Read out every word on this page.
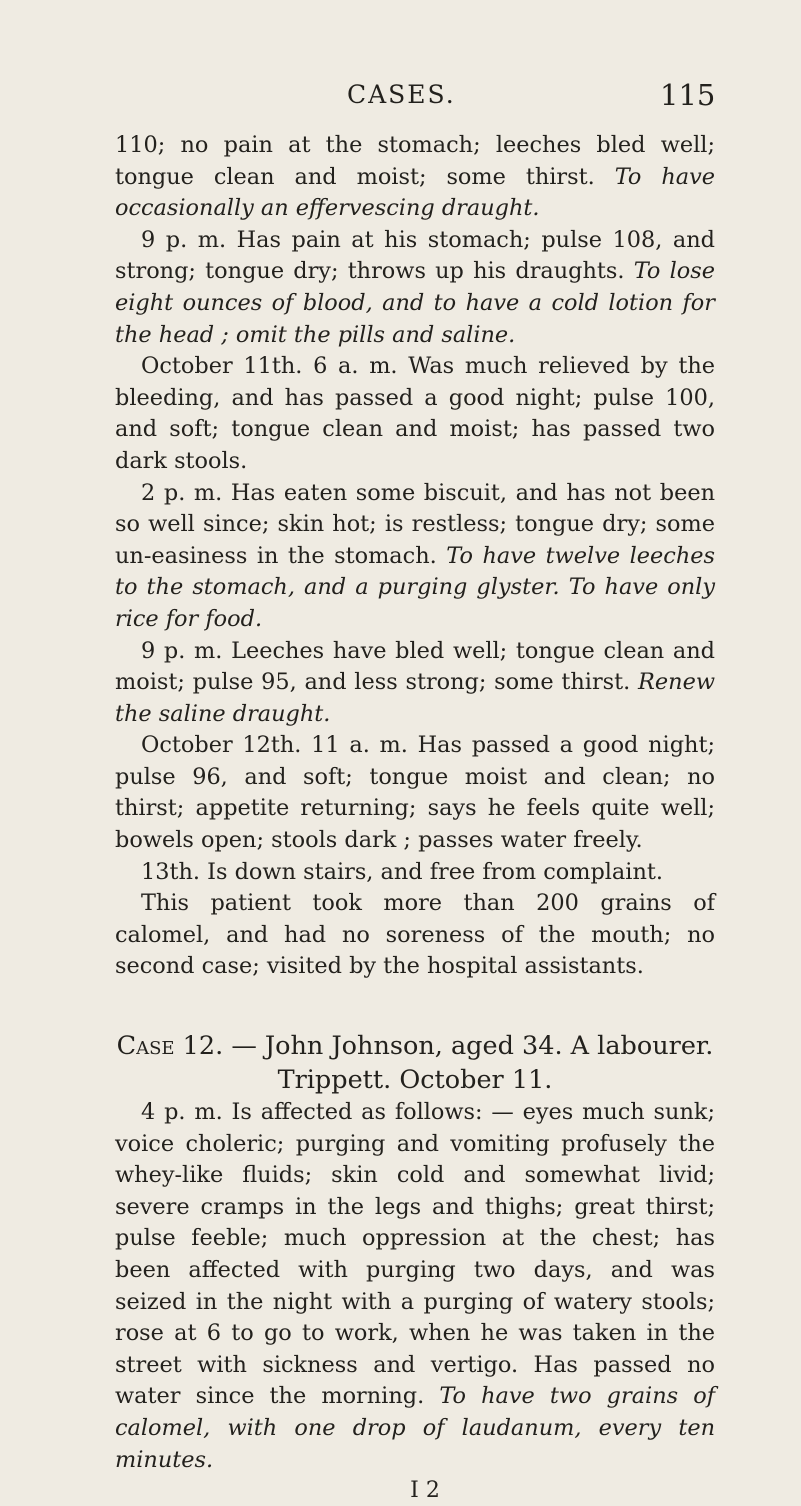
CASES.	115

110; no pain at the stomach; leeches bled well; tongue clean and moist; some thirst. To have occasionally an effervescing draught.

9 p. m. Has pain at his stomach; pulse 108, and strong; tongue dry; throws up his draughts. To lose eight ounces of blood, and to have a cold lotion for the head ; omit the pills and saline.

October 11th. 6 a. m. Was much relieved by the bleeding, and has passed a good night; pulse 100, and soft; tongue clean and moist; has passed two dark stools.

2 p. m. Has eaten some biscuit, and has not been so well since; skin hot; is restless; tongue dry; some un-easiness in the stomach. To have twelve leeches to the stomach, and a purging glyster. To have only rice for food.

9 p. m. Leeches have bled well; tongue clean and moist; pulse 95, and less strong; some thirst. Renew the saline draught.

October 12th. 11 a. m. Has passed a good night; pulse 96, and soft; tongue moist and clean; no thirst; appetite returning; says he feels quite well; bowels open; stools dark ; passes water freely.

13th. Is down stairs, and free from complaint.

This patient took more than 200 grains of calomel, and had no soreness of the mouth; no second case; visited by the hospital assistants.

Case 12. — John Johnson, aged 34. A labourer.
Trippett. October 11.

4 p. m. Is affected as follows: — eyes much sunk; voice choleric; purging and vomiting profusely the whey-like fluids; skin cold and somewhat livid; severe cramps in the legs and thighs; great thirst; pulse feeble; much oppression at the chest; has been affected with purging two days, and was seized in the night with a purging of watery stools; rose at 6 to go to work, when he was taken in the street with sickness and vertigo. Has passed no water since the morning. To have two grains of calomel, with one drop of laudanum, every ten minutes.

I 2
